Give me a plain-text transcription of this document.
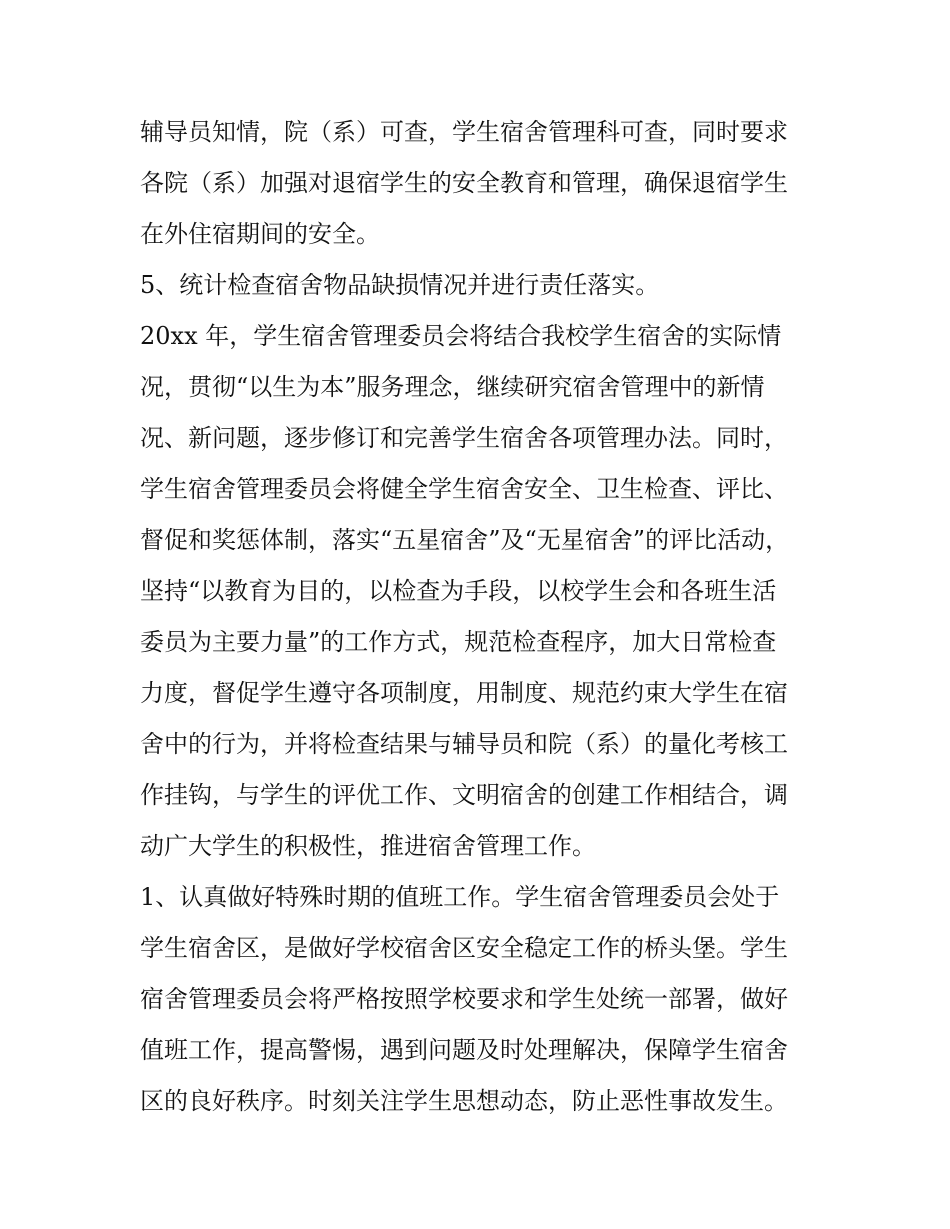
辅导员知情，院（系）可查，学生宿舍管理科可查，同时要求
各院（系）加强对退宿学生的安全教育和管理，确保退宿学生
在外住宿期间的安全。
5、统计检查宿舍物品缺损情况并进行责任落实。
20xx 年，学生宿舍管理委员会将结合我校学生宿舍的实际情
况，贯彻“以生为本”服务理念，继续研究宿舍管理中的新情
况、新问题，逐步修订和完善学生宿舍各项管理办法。同时，
学生宿舍管理委员会将健全学生宿舍安全、卫生检查、评比、
督促和奖惩体制，落实“五星宿舍”及“无星宿舍”的评比活动，
坚持“以教育为目的，以检查为手段，以校学生会和各班生活
委员为主要力量”的工作方式，规范检查程序，加大日常检查
力度，督促学生遵守各项制度，用制度、规范约束大学生在宿
舍中的行为，并将检查结果与辅导员和院（系）的量化考核工
作挂钩，与学生的评优工作、文明宿舍的创建工作相结合，调
动广大学生的积极性，推进宿舍管理工作。
1、认真做好特殊时期的值班工作。学生宿舍管理委员会处于
学生宿舍区，是做好学校宿舍区安全稳定工作的桥头堡。学生
宿舍管理委员会将严格按照学校要求和学生处统一部署，做好
值班工作，提高警惕，遇到问题及时处理解决，保障学生宿舍
区的良好秩序。时刻关注学生思想动态，防止恶性事故发生。
